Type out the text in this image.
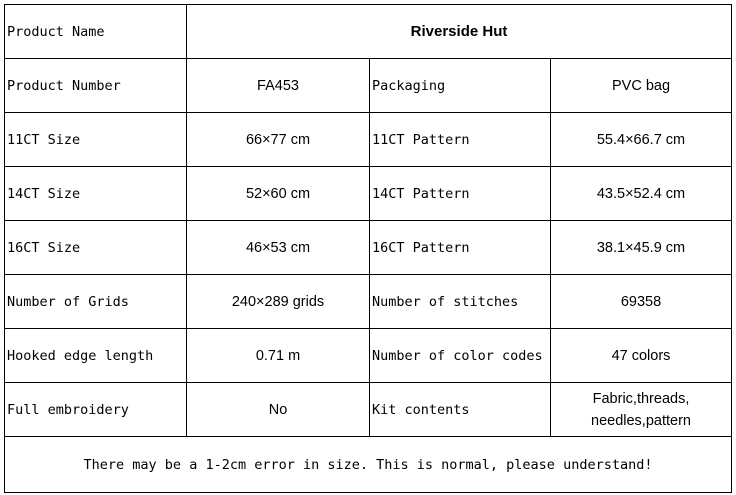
Product Name	Riverside Hut		
Product Number	FA453	Packaging	PVC bag
11CT Size	66×77 cm	11CT Pattern	55.4×66.7 cm
14CT Size	52×60 cm	14CT Pattern	43.5×52.4 cm
16CT Size	46×53 cm	16CT Pattern	38.1×45.9 cm
Number of Grids	240×289 grids	Number of stitches	69358
Hooked edge length	0.71 m	Number of color codes	47 colors
Full embroidery	No	Kit contents	Fabric,threads,
needles,pattern

There may be a 1-2cm error in size. This is normal, please understand!			
